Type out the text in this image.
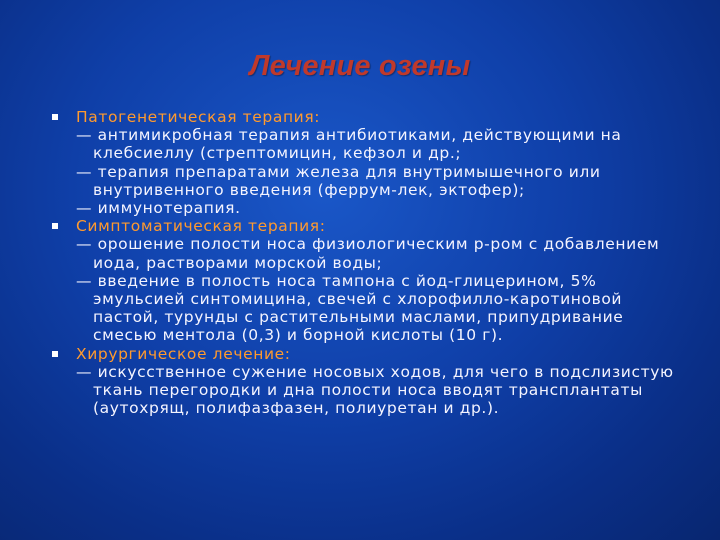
Лечение озены
Патогенетическая терапия:
— антимикробная терапия антибиотиками, действующими на клебсиеллу (стрептомицин, кефзол и др.;
— терапия препаратами железа для внутримышечного или внутривенного введения (феррум-лек, эктофер);
— иммунотерапия.
Симптоматическая терапия:
— орошение полости носа физиологическим р-ром с добавлением иода, растворами морской воды;
— введение в полость носа тампона с йод-глицерином, 5% эмульсией синтомицина, свечей с хлорофилло-каротиновой пастой, турунды с растительными маслами, припудривание смесью ментола (0,3) и борной кислоты (10 г).
Хирургическое лечение:
— искусственное сужение носовых ходов, для чего в подслизистую ткань перегородки и дна полости носа вводят трансплантаты (аутохрящ, полифазфазен, полиуретан и др.).
